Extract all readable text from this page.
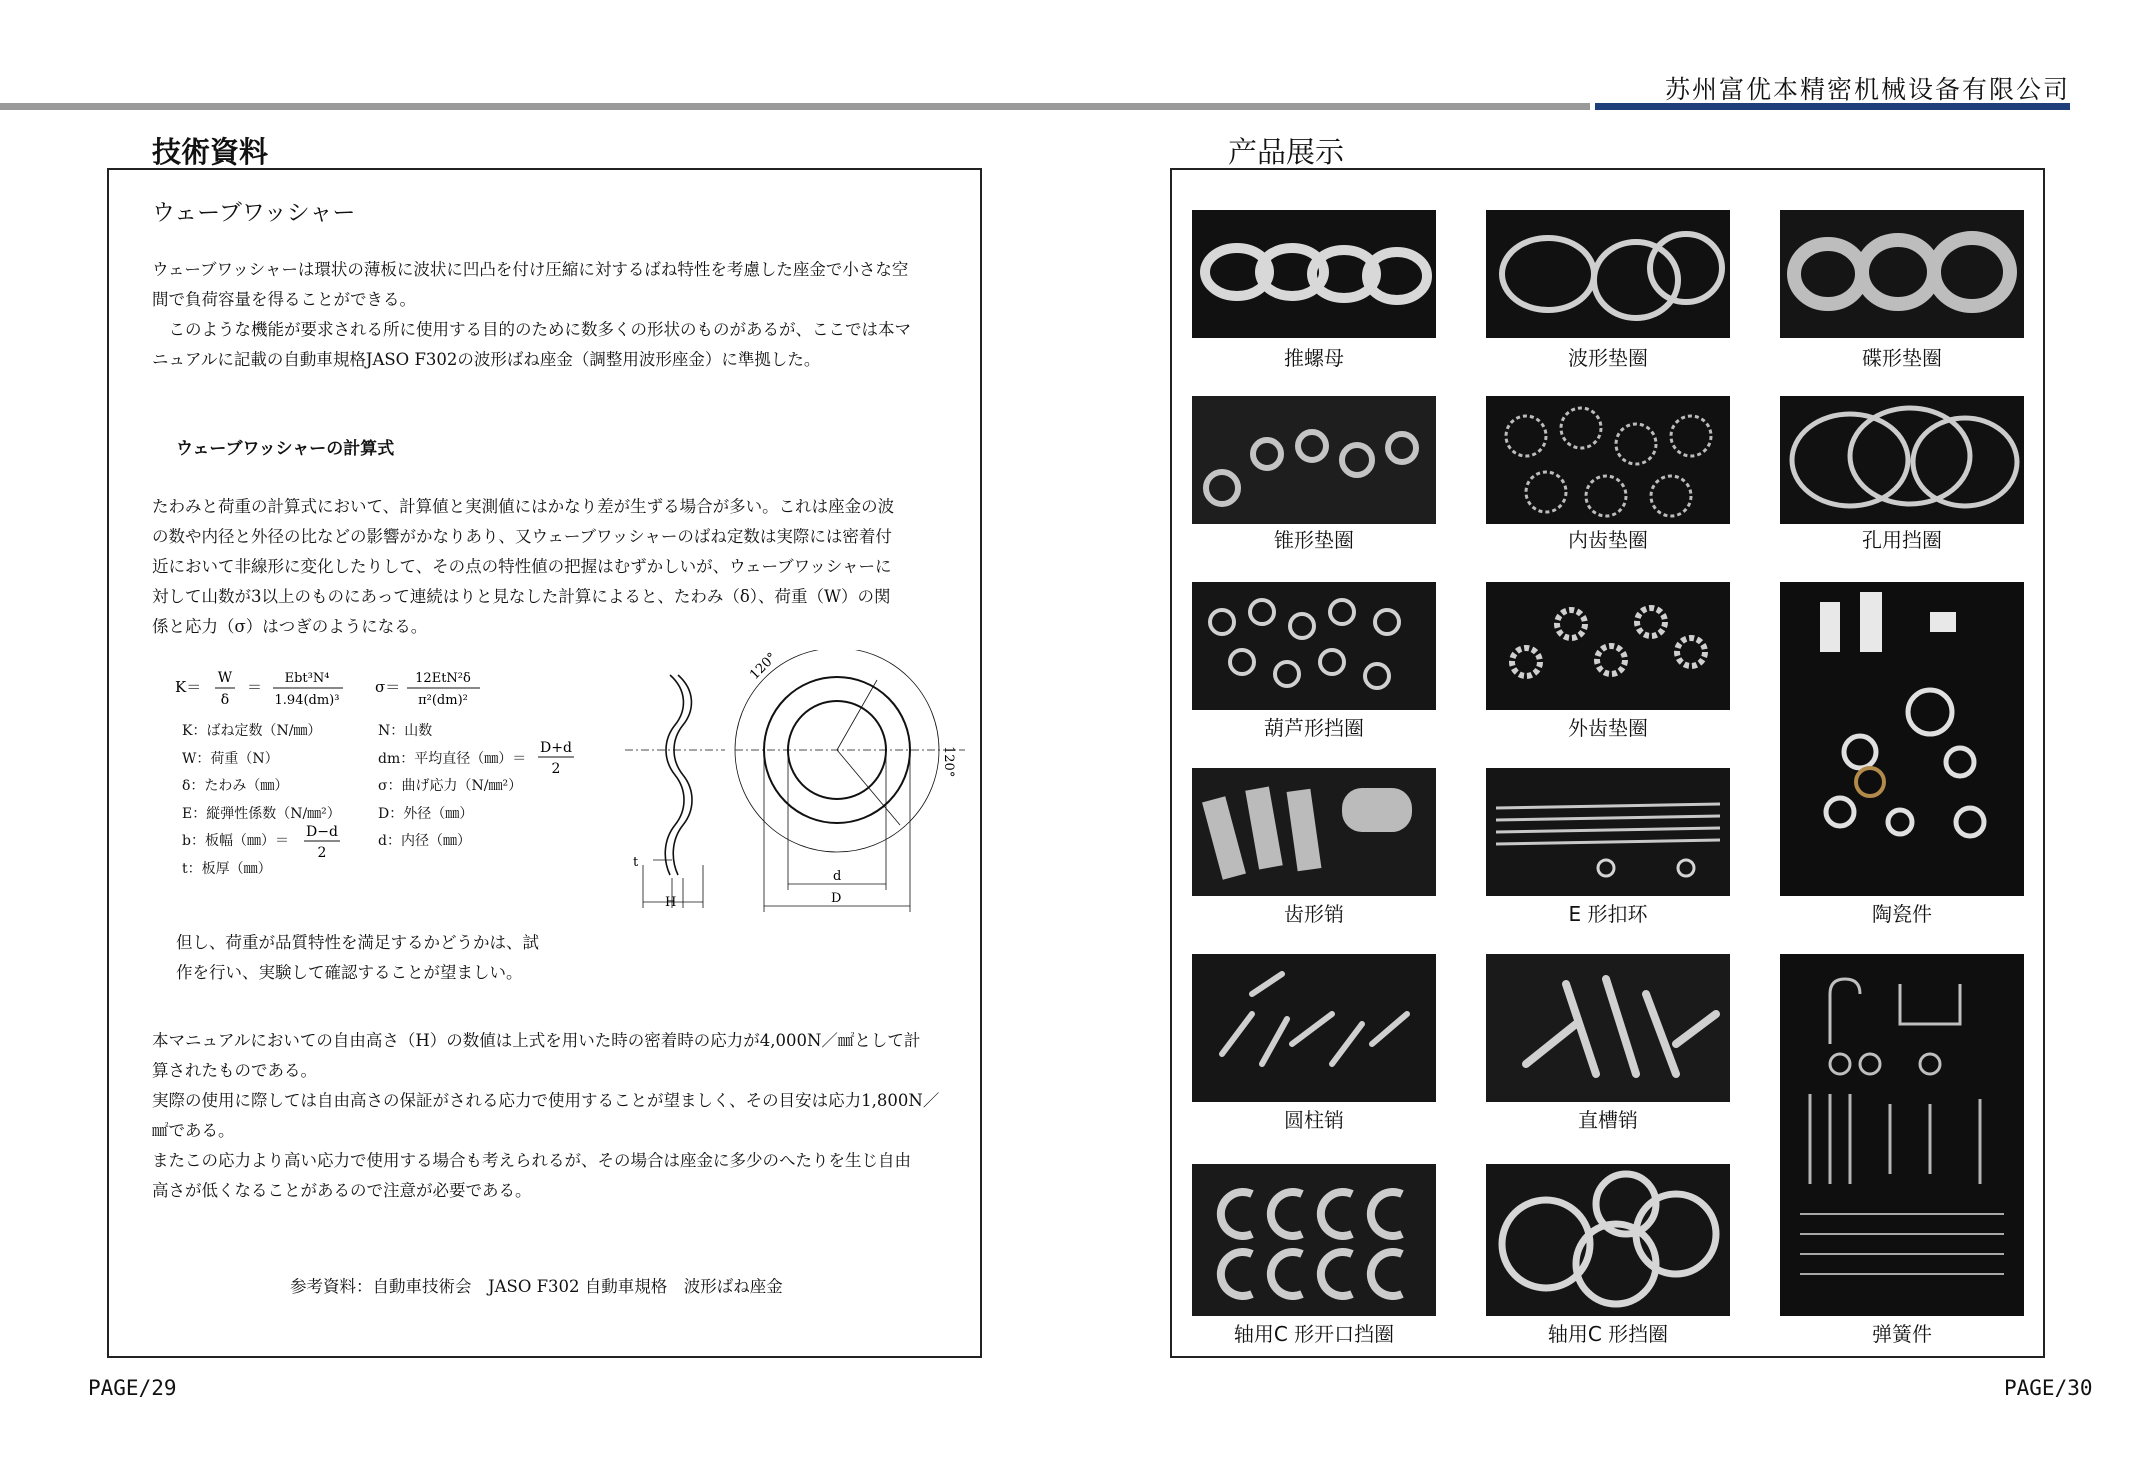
苏州富优本精密机械设备有限公司
技術資料
ウェーブワッシャー
ウェーブワッシャーは環状の薄板に波状に凹凸を付け圧縮に対するばね特性を考慮した座金で小さな空
間で負荷容量を得ることができる。
　このような機能が要求される所に使用する目的のために数多くの形状のものがあるが、ここでは本マ
ニュアルに記載の自動車規格JASO F302の波形ばね座金（調整用波形座金）に準拠した。
ウェーブワッシャーの計算式
たわみと荷重の計算式において、計算値と実測値にはかなり差が生ずる場合が多い。これは座金の波
の数や内径と外径の比などの影響がかなりあり、又ウェーブワッシャーのばね定数は実際には密着付
近において非線形に変化したりして、その点の特性値の把握はむずかしいが、ウェーブワッシャーに
対して山数が3以上のものにあって連続はりと見なした計算によると、たわみ（δ）、荷重（W）の関
係と応力（σ）はつぎのようになる。
K＝ W
δ
＝ Ebt³N⁴
1.94(dm)³
σ＝ 12EtN²δ
π²(dm)²
K：ばね定数（N/㎜）
W：荷重（N）
δ：たわみ（㎜）
E：縦弾性係数（N/㎜²）
b：板幅（㎜）＝
t：板厚（㎜）
D−d
2
N：山数
dm：平均直径（㎜）＝
σ：曲げ応力（N/㎜²）
D：外径（㎜）
d：内径（㎜）
D+d
2
t
H
120°
120°
d
D
但し、荷重が品質特性を満足するかどうかは、試
作を行い、実験して確認することが望ましい。
本マニュアルにおいての自由高さ（H）の数値は上式を用いた時の密着時の応力が4,000N／㎟として計
算されたものである。
実際の使用に際しては自由高さの保証がされる応力で使用することが望ましく、その目安は応力1,800N／
㎟である。
またこの応力より高い応力で使用する場合も考えられるが、その場合は座金に多少のへたりを生じ自由
高さが低くなることがあるので注意が必要である。
参考資料：自動車技術会　JASO F302 自動車規格　波形ばね座金
PAGE/29
产品展示
推螺母	波形垫圈	碟形垫圈
锥形垫圈	内齿垫圈	孔用挡圈
葫芦形挡圈	外齿垫圈
陶瓷件
齿形销	E 形扣环
圆柱销	直槽销
弹簧件
轴用C 形开口挡圈	轴用C 形挡圈
PAGE/30
